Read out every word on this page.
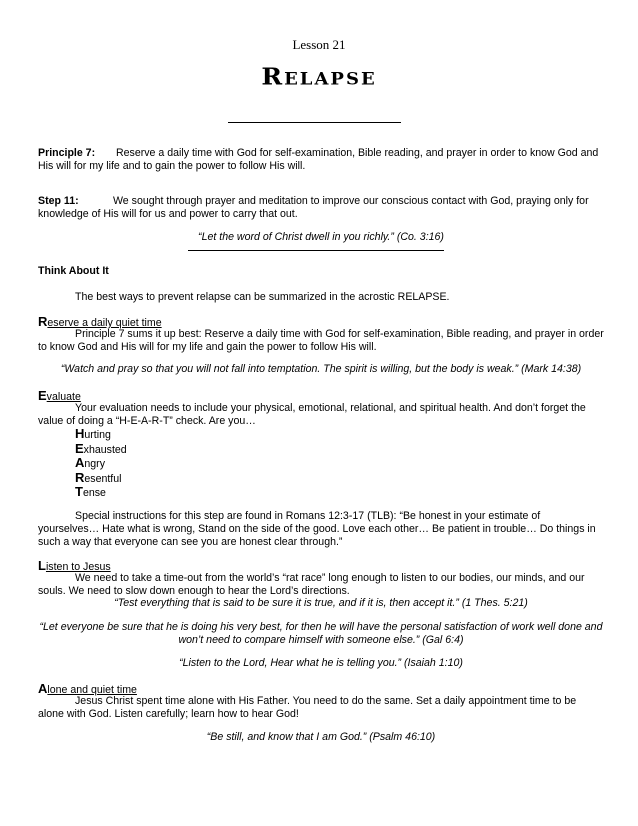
Lesson 21
Relapse
Principle 7: Reserve a daily time with God for self-examination, Bible reading, and prayer in order to know God and His will for my life and to gain the power to follow His will.
Step 11:	We sought through prayer and meditation to improve our conscious contact with God, praying only for knowledge of His will for us and power to carry that out.
“Let the word of Christ dwell in you richly.” (Co. 3:16)
Think About It
The best ways to prevent relapse can be summarized in the acrostic RELAPSE.
Reserve a daily quiet time
Principle 7 sums it up best: Reserve a daily time with God for self-examination, Bible reading, and prayer in order to know God and His will for my life and gain the power to follow His will.
“Watch and pray so that you will not fall into temptation. The spirit is willing, but the body is weak.” (Mark 14:38)
Evaluate
Your evaluation needs to include your physical, emotional, relational, and spiritual health. And don’t forget the value of doing a “H-E-A-R-T” check. Are you…
Hurting
Exhausted
Angry
Resentful
Tense
Special instructions for this step are found in Romans 12:3-17 (TLB): “Be honest in your estimate of yourselves… Hate what is wrong, Stand on the side of the good. Love each other… Be patient in trouble… Do things in such a way that everyone can see you are honest clear through.”
Listen to Jesus
We need to take a time-out from the world’s “rat race” long enough to listen to our bodies, our minds, and our souls. We need to slow down enough to hear the Lord’s directions.
“Test everything that is said to be sure it is true, and if it is, then accept it.” (1 Thes. 5:21)
“Let everyone be sure that he is doing his very best, for then he will have the personal satisfaction of work well done and won’t need to compare himself with someone else.” (Gal 6:4)
“Listen to the Lord, Hear what he is telling you.” (Isaiah 1:10)
Alone and quiet time
Jesus Christ spent time alone with His Father. You need to do the same. Set a daily appointment time to be alone with God. Listen carefully; learn how to hear God!
“Be still, and know that I am God.” (Psalm 46:10)
